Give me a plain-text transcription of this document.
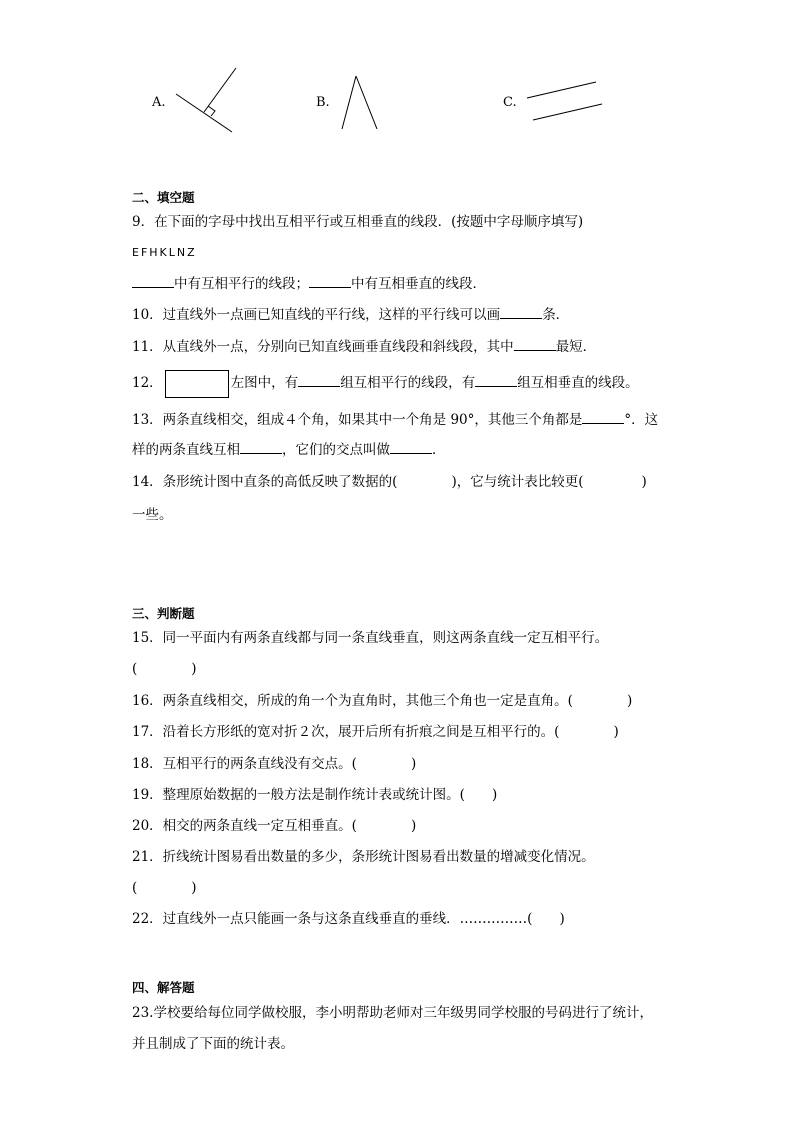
A.	B.	C.
二、填空题
9．在下面的字母中找出互相平行或互相垂直的线段．(按题中字母顺序填写)
EFHKLNZ
中有互相平行的线段；	中有互相垂直的线段．
10．过直线外一点画已知直线的平行线，这样的平行线可以画	条．
11．从直线外一点，分别向已知直线画垂直线段和斜线段，其中	最短．
12．	左图中，有	组互相平行的线段，有	组互相垂直的线段。
13．两条直线相交，组成４个角，如果其中一个角是 90°，其他三个角都是	°．这
样的两条直线互相	，它们的交点叫做	．
14．条形统计图中直条的高低反映了数据的(	)，它与统计表比较更(	)
一些。
三、判断题
15．同一平面内有两条直线都与同一条直线垂直，则这两条直线一定互相平行。
(　　　　)
16．两条直线相交，所成的角一个为直角时，其他三个角也一定是直角。(　　　　)
17．沿着长方形纸的宽对折２次，展开后所有折痕之间是互相平行的。(　　　　)
18．互相平行的两条直线没有交点。(　　　　)
19．整理原始数据的一般方法是制作统计表或统计图。(　　)
20．相交的两条直线一定互相垂直。(　　　　)
21．折线统计图易看出数量的多少，条形统计图易看出数量的增减变化情况。
(　　　　)
22．过直线外一点只能画一条与这条直线垂直的垂线．……………(　　)
四、解答题
23.学校要给每位同学做校服，李小明帮助老师对三年级男同学校服的号码进行了统计，
并且制成了下面的统计表。
